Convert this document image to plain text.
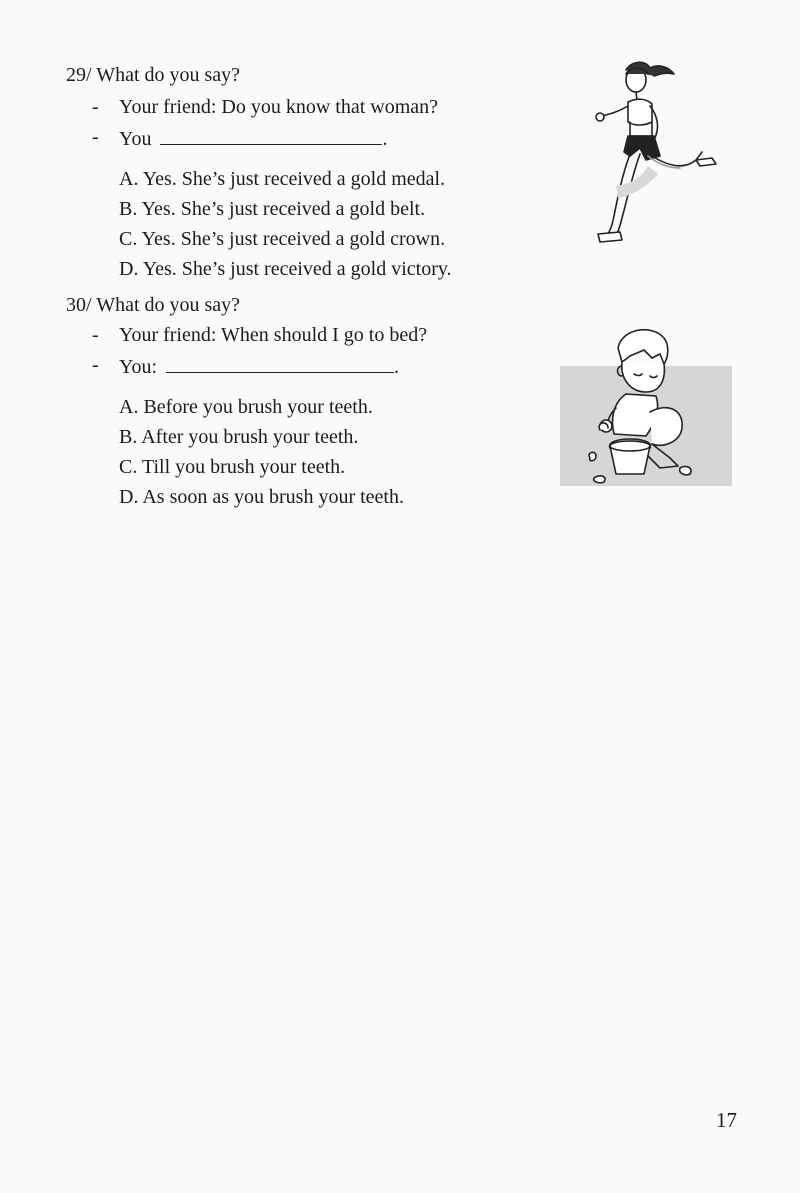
29/ What do you say?
- Your friend: Do you know that woman?
- You	.
A. Yes. She’s just received a gold medal.
B. Yes. She’s just received a gold belt.
C. Yes. She’s just received a gold crown.
D. Yes. She’s just received a gold victory.
30/ What do you say?
- Your friend: When should I go to bed?
- You:	.
A. Before you brush your teeth.
B. After you brush your teeth.
C. Till you brush your teeth.
D. As soon as you brush your teeth.
17
